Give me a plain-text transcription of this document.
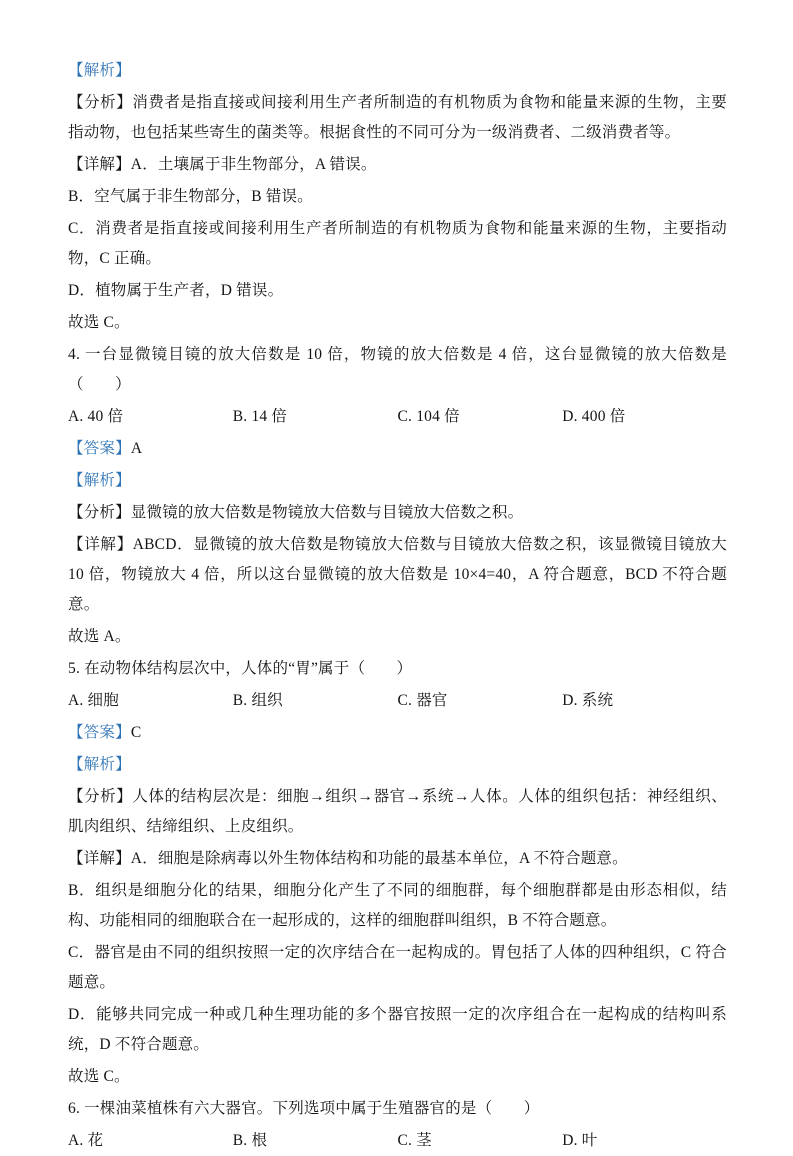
【解析】

【分析】消费者是指直接或间接利用生产者所制造的有机物质为食物和能量来源的生物，主要指动物，也包括某些寄生的菌类等。根据食性的不同可分为一级消费者、二级消费者等。

【详解】A．土壤属于非生物部分，A 错误。

B．空气属于非生物部分，B 错误。

C．消费者是指直接或间接利用生产者所制造的有机物质为食物和能量来源的生物，主要指动物，C 正确。

D．植物属于生产者，D 错误。

故选 C。

4. 一台显微镜目镜的放大倍数是 10 倍，物镜的放大倍数是 4 倍，这台显微镜的放大倍数是（　　）

A. 40 倍	B. 14 倍	C. 104 倍	D. 400 倍

【答案】A

【解析】

【分析】显微镜的放大倍数是物镜放大倍数与目镜放大倍数之积。

【详解】ABCD．显微镜的放大倍数是物镜放大倍数与目镜放大倍数之积，该显微镜目镜放大 10 倍，物镜放大 4 倍，所以这台显微镜的放大倍数是 10×4=40，A 符合题意，BCD 不符合题意。

故选 A。

5. 在动物体结构层次中，人体的“胃”属于（　　）

A. 细胞	B. 组织	C. 器官	D. 系统

【答案】C

【解析】

【分析】人体的结构层次是：细胞→组织→器官→系统→人体。人体的组织包括：神经组织、肌肉组织、结缔组织、上皮组织。

【详解】A．细胞是除病毒以外生物体结构和功能的最基本单位，A 不符合题意。

B．组织是细胞分化的结果，细胞分化产生了不同的细胞群，每个细胞群都是由形态相似，结构、功能相同的细胞联合在一起形成的，这样的细胞群叫组织，B 不符合题意。

C．器官是由不同的组织按照一定的次序结合在一起构成的。胃包括了人体的四种组织，C 符合题意。

D．能够共同完成一种或几种生理功能的多个器官按照一定的次序组合在一起构成的结构叫系统，D 不符合题意。

故选 C。

6. 一棵油菜植株有六大器官。下列选项中属于生殖器官的是（　　）

A. 花	B. 根	C. 茎	D. 叶
